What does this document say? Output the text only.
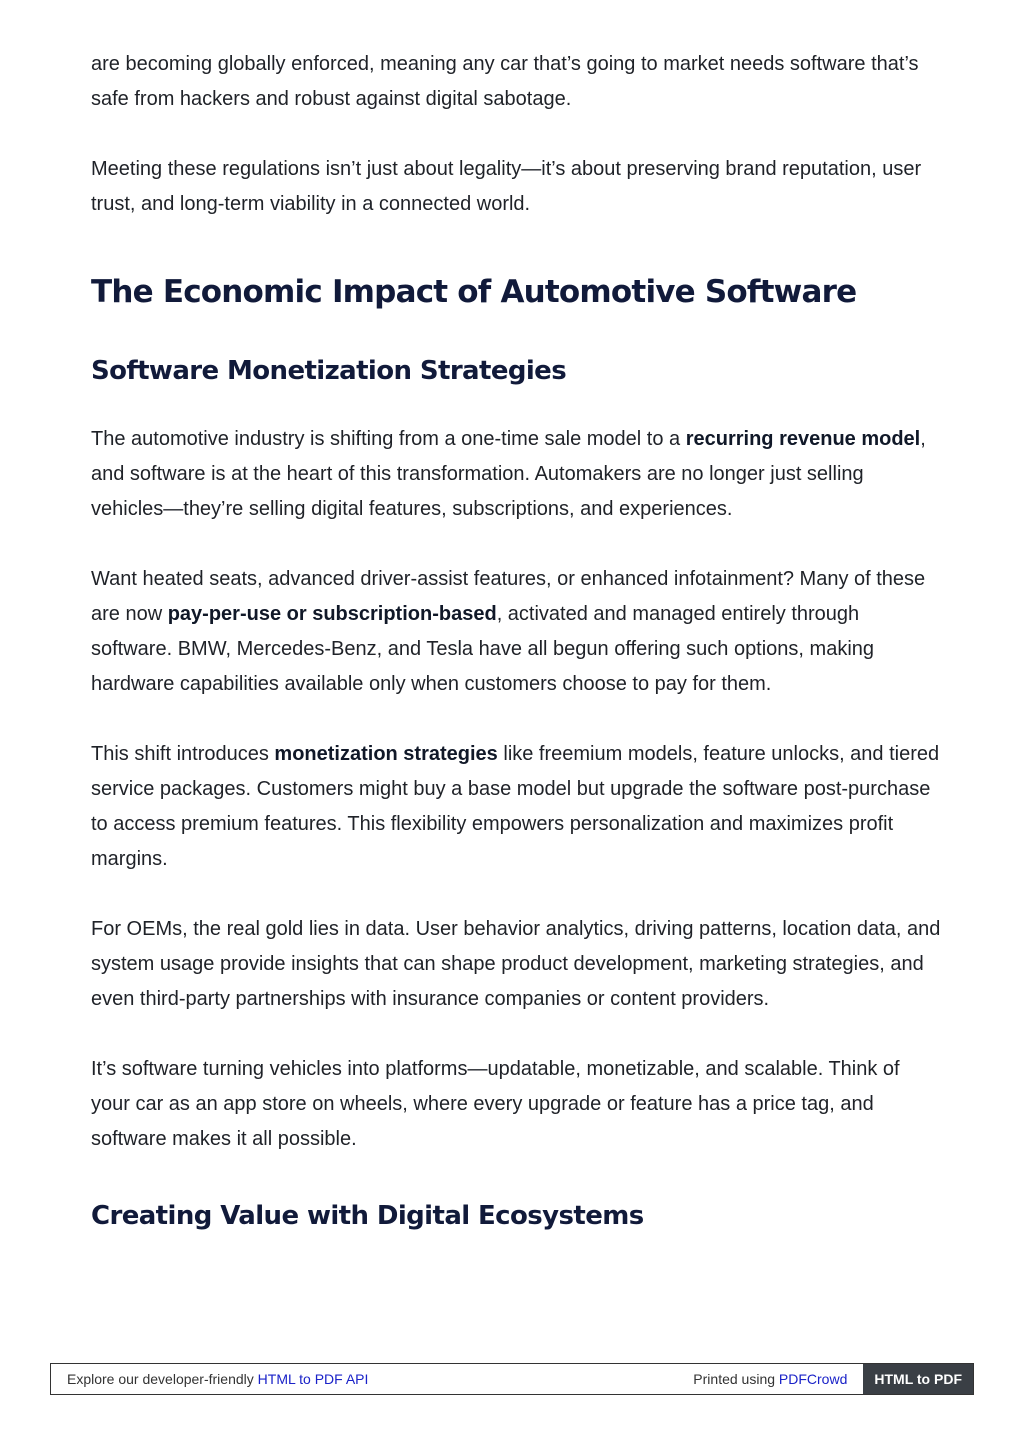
are becoming globally enforced, meaning any car that’s going to market needs software that’s safe from hackers and robust against digital sabotage.

Meeting these regulations isn’t just about legality—it’s about preserving brand reputation, user trust, and long-term viability in a connected world.

The Economic Impact of Automotive Software
Software Monetization Strategies

The automotive industry is shifting from a one-time sale model to a recurring revenue model, and software is at the heart of this transformation. Automakers are no longer just selling vehicles—they’re selling digital features, subscriptions, and experiences.

Want heated seats, advanced driver-assist features, or enhanced infotainment? Many of these are now pay-per-use or subscription-based, activated and managed entirely through software. BMW, Mercedes-Benz, and Tesla have all begun offering such options, making hardware capabilities available only when customers choose to pay for them.

This shift introduces monetization strategies like freemium models, feature unlocks, and tiered service packages. Customers might buy a base model but upgrade the software post-purchase to access premium features. This flexibility empowers personalization and maximizes profit margins.

For OEMs, the real gold lies in data. User behavior analytics, driving patterns, location data, and system usage provide insights that can shape product development, marketing strategies, and even third-party partnerships with insurance companies or content providers.

It’s software turning vehicles into platforms—updatable, monetizable, and scalable. Think of your car as an app store on wheels, where every upgrade or feature has a price tag, and software makes it all possible.

Creating Value with Digital Ecosystems
Explore our developer-friendly HTML to PDF API	Printed using PDFCrowd	HTML to PDF
